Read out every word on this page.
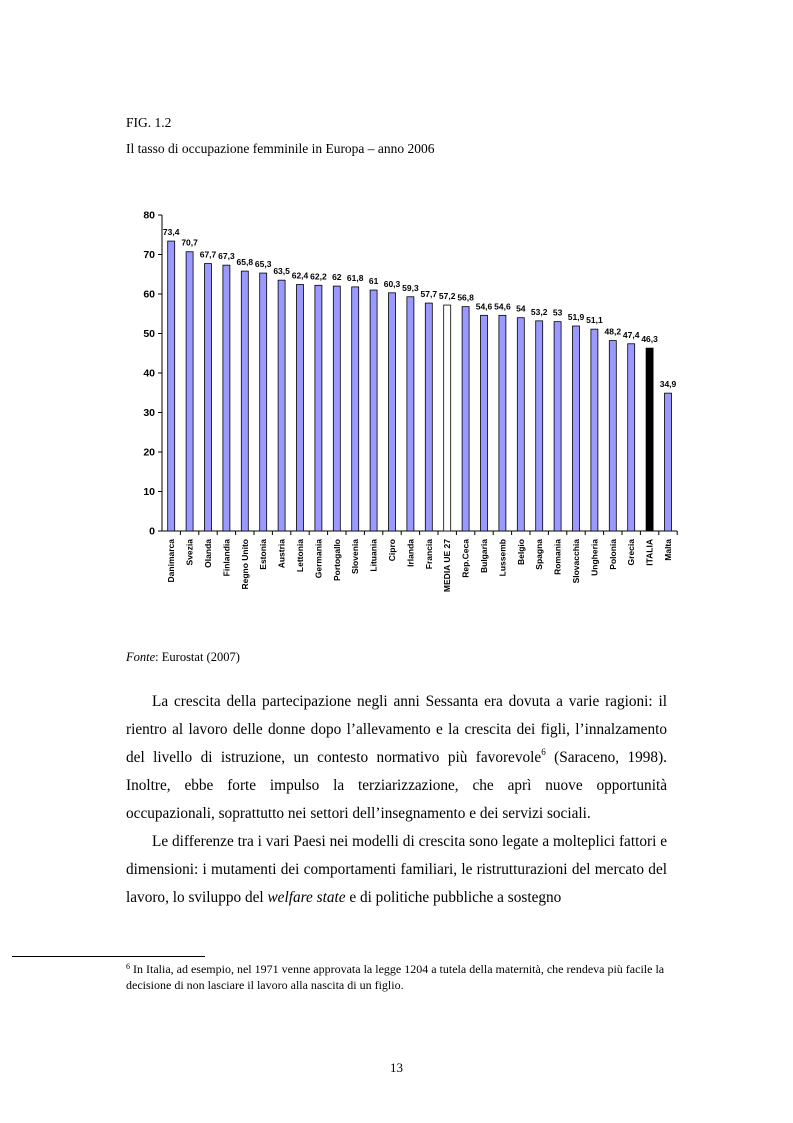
FIG. 1.2
Il tasso di occupazione femminile in Europa – anno 2006
0
10
20
30
40
50
60
70
80
73,4
Danimarca
70,7
Svezia
67,7
Olanda
67,3
Finlandia
65,8
Regno Unito
65,3
Estonia
63,5
Austria
62,4
Lettonia
62,2
Germania
62
Portogallo
61,8
Slovenia
61
Lituania
60,3
Cipro
59,3
Irlanda
57,7
Francia
57,2
MEDIA UE 27
56,8
Rep.Ceca
54,6
Bulgaria
54,6
Lussemb
54
Belgio
53,2
Spagna
53
Romania
51,9
Slovacchia
51,1
Ungheria
48,2
Polonia
47,4
Grecia
46,3
ITALIA
34,9
Malta
Fonte: Eurostat (2007)

La crescita della partecipazione negli anni Sessanta era dovuta a varie ragioni: il rientro al lavoro delle donne dopo l’allevamento e la crescita dei figli, l’innalzamento del livello di istruzione, un contesto normativo più favorevole$^6$ (Saraceno, 1998). Inoltre, ebbe forte impulso la terziarizzazione, che aprì nuove opportunità occupazionali, soprattutto nei settori dell’insegnamento e dei servizi sociali.

Le differenze tra i vari Paesi nei modelli di crescita sono legate a molteplici fattori e dimensioni: i mutamenti dei comportamenti familiari, le ristrutturazioni del mercato del lavoro, lo sviluppo del welfare state e di politiche pubbliche a sostegno

$^6$ In Italia, ad esempio, nel 1971 venne approvata la legge 1204 a tutela della maternità, che rendeva più facile la decisione di non lasciare il lavoro alla nascita di un figlio.
13
